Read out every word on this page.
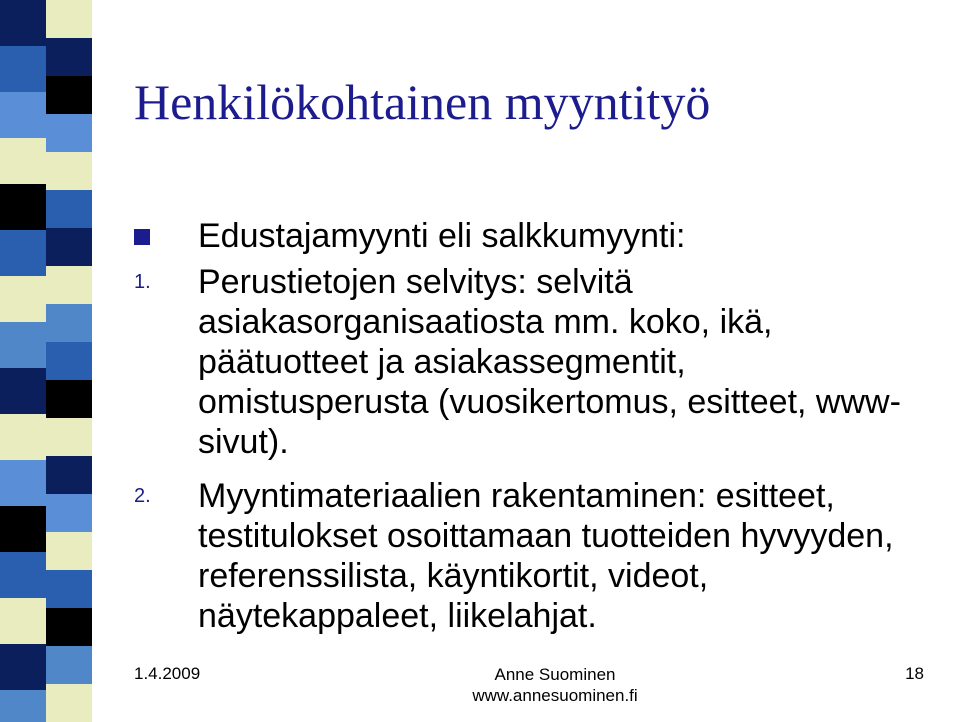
Henkilökohtainen myyntityö
Edustajamyynti eli salkkumyynti:
1. Perustietojen selvitys: selvitä asiakasorganisaatiosta mm. koko, ikä, päätuotteet ja asiakassegmentit, omistusperusta (vuosikertomus, esitteet, www-sivut).
2. Myyntimateriaalien rakentaminen: esitteet, testitulokset osoittamaan tuotteiden hyvyyden, referenssilista, käyntikortit, videot, näytekappaleet, liikelahjat.
1.4.2009	Anne Suominen
www.annesuominen.fi
18
